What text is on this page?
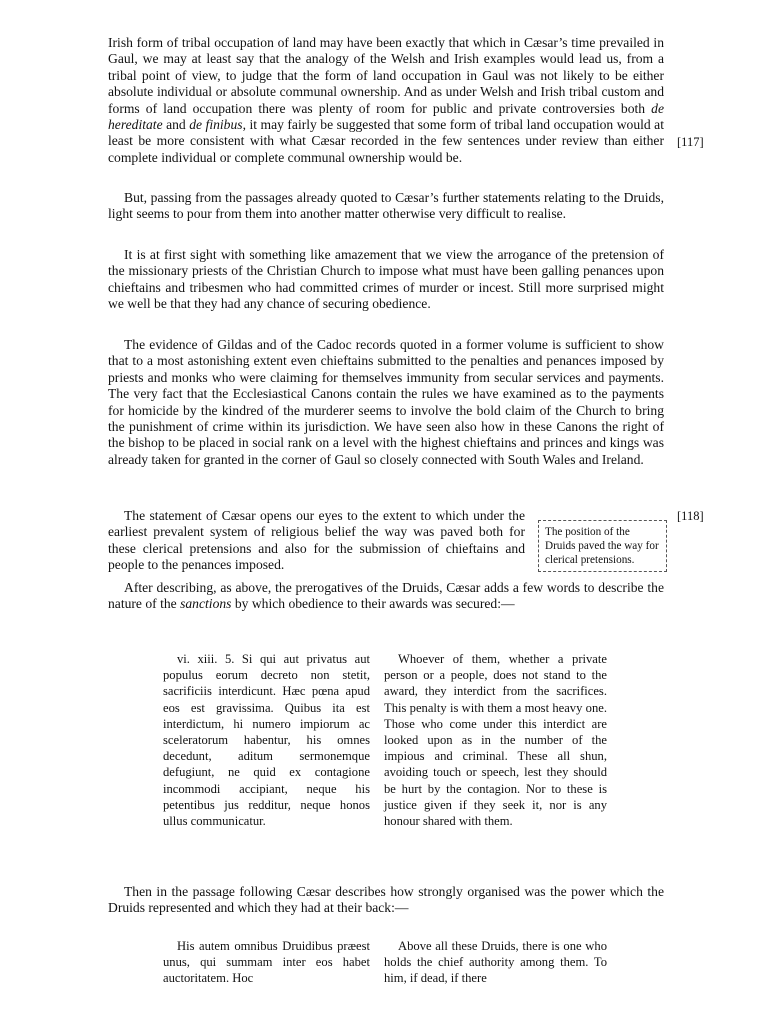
Irish form of tribal occupation of land may have been exactly that which in Cæsar’s time prevailed in Gaul, we may at least say that the analogy of the Welsh and Irish examples would lead us, from a tribal point of view, to judge that the form of land occupation in Gaul was not likely to be either absolute individual or absolute communal ownership. And as under Welsh and Irish tribal custom and forms of land occupation there was plenty of room for public and private controversies both de hereditate and de finibus, it may fairly be suggested that some form of tribal land occupation would at least be more consistent with what Cæsar recorded in the few sentences under review than either complete individual or complete communal ownership would be.

[117]

But, passing from the passages already quoted to Cæsar’s further statements relating to the Druids, light seems to pour from them into another matter otherwise very difficult to realise.

It is at first sight with something like amazement that we view the arrogance of the pretension of the missionary priests of the Christian Church to impose what must have been galling penances upon chieftains and tribesmen who had committed crimes of murder or incest. Still more surprised might we well be that they had any chance of securing obedience.

The evidence of Gildas and of the Cadoc records quoted in a former volume is sufficient to show that to a most astonishing extent even chieftains submitted to the penalties and penances imposed by priests and monks who were claiming for themselves immunity from secular services and payments. The very fact that the Ecclesiastical Canons contain the rules we have examined as to the payments for homicide by the kindred of the murderer seems to involve the bold claim of the Church to bring the punishment of crime within its jurisdiction. We have seen also how in these Canons the right of the bishop to be placed in social rank on a level with the highest chieftains and princes and kings was already taken for granted in the corner of Gaul so closely connected with South Wales and Ireland.

The statement of Cæsar opens our eyes to the extent to which under the earliest prevalent system of religious belief the way was paved both for these clerical pretensions and also for the submission of chieftains and people to the penances imposed.

[118]
The position of the Druids paved the way for clerical pretensions.

After describing, as above, the prerogatives of the Druids, Cæsar adds a few words to describe the nature of the sanctions by which obedience to their awards was secured:—

vi. xiii. 5. Si qui aut privatus aut populus eorum decreto non stetit, sacrificiis interdicunt. Hæc pœna apud eos est gravissima. Quibus ita est interdictum, hi numero impiorum ac sceleratorum habentur, his omnes decedunt, aditum sermonemque defugiunt, ne quid ex contagione incommodi accipiant, neque his petentibus jus redditur, neque honos ullus communicatur.

Whoever of them, whether a private person or a people, does not stand to the award, they interdict from the sacrifices. This penalty is with them a most heavy one. Those who come under this interdict are looked upon as in the number of the impious and criminal. These all shun, avoiding touch or speech, lest they should be hurt by the contagion. Nor to these is justice given if they seek it, nor is any honour shared with them.

Then in the passage following Cæsar describes how strongly organised was the power which the Druids represented and which they had at their back:—

His autem omnibus Druidibus præest unus, qui summam inter eos habet auctoritatem. Hoc

Above all these Druids, there is one who holds the chief authority among them. To him, if dead, if there
